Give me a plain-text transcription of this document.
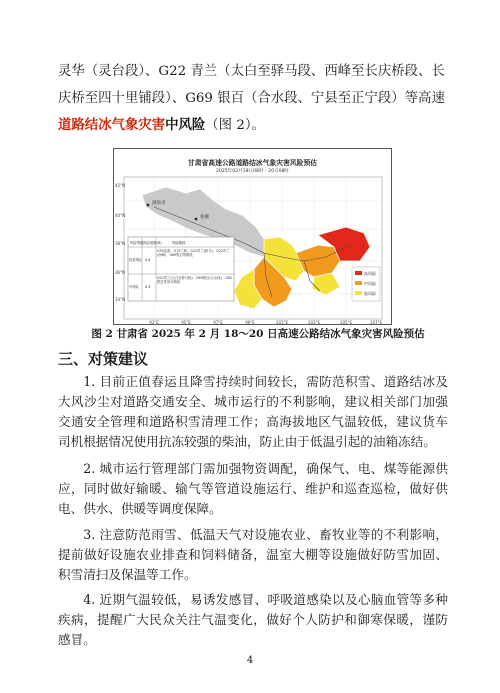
灵华（灵台段）、G22 青兰（太白至驿马段、西峰至长庆桥段、长庆桥至四十里铺段）、G69 银百（合水段、宁县至正宁段）等高速道路结冰气象灾害中风险（图 2）。
甘肃省高速公路道路结冰气象灾害风险预估
2025年02月18日08时 - 20日08时
酒泉市
张掖
42°N
40°N
38°N
36°N
34°N
93°E	95°E	97°E	99°E	101°E	103°E	105°E	107°E
风险等级 风险指数(R)	风险路段
较高风险 0.4
G30连霍、G75兰海、G22青兰(驿马)、G22青兰(西峰)、G69银百等路段
中风险 0.3
G22青兰(太白至驿马段)、G69银百(合水段)、G85银昆等部分路段
高风险
中风险
低风险
图 2 甘肃省 2025 年 2 月 18～20 日高速公路结冰气象灾害风险预估
三、对策建议
1. 目前正值春运且降雪持续时间较长，需防范积雪、道路结冰及大风沙尘对道路交通安全、城市运行的不利影响，建议相关部门加强交通安全管理和道路积雪清理工作；高海拔地区气温较低，建议货车司机根据情况使用抗冻较强的柴油，防止由于低温引起的油箱冻结。
2. 城市运行管理部门需加强物资调配，确保气、电、煤等能源供应，同时做好输暖、输气等管道设施运行、维护和巡查巡检，做好供电、供水、供暖等调度保障。
3. 注意防范雨雪、低温天气对设施农业、畜牧业等的不利影响，提前做好设施农业排查和饲料储备，温室大棚等设施做好防雪加固、积雪清扫及保温等工作。
4. 近期气温较低，易诱发感冒、呼吸道感染以及心脑血管等多种疾病，提醒广大民众关注气温变化，做好个人防护和御寒保暖，谨防感冒。
4
